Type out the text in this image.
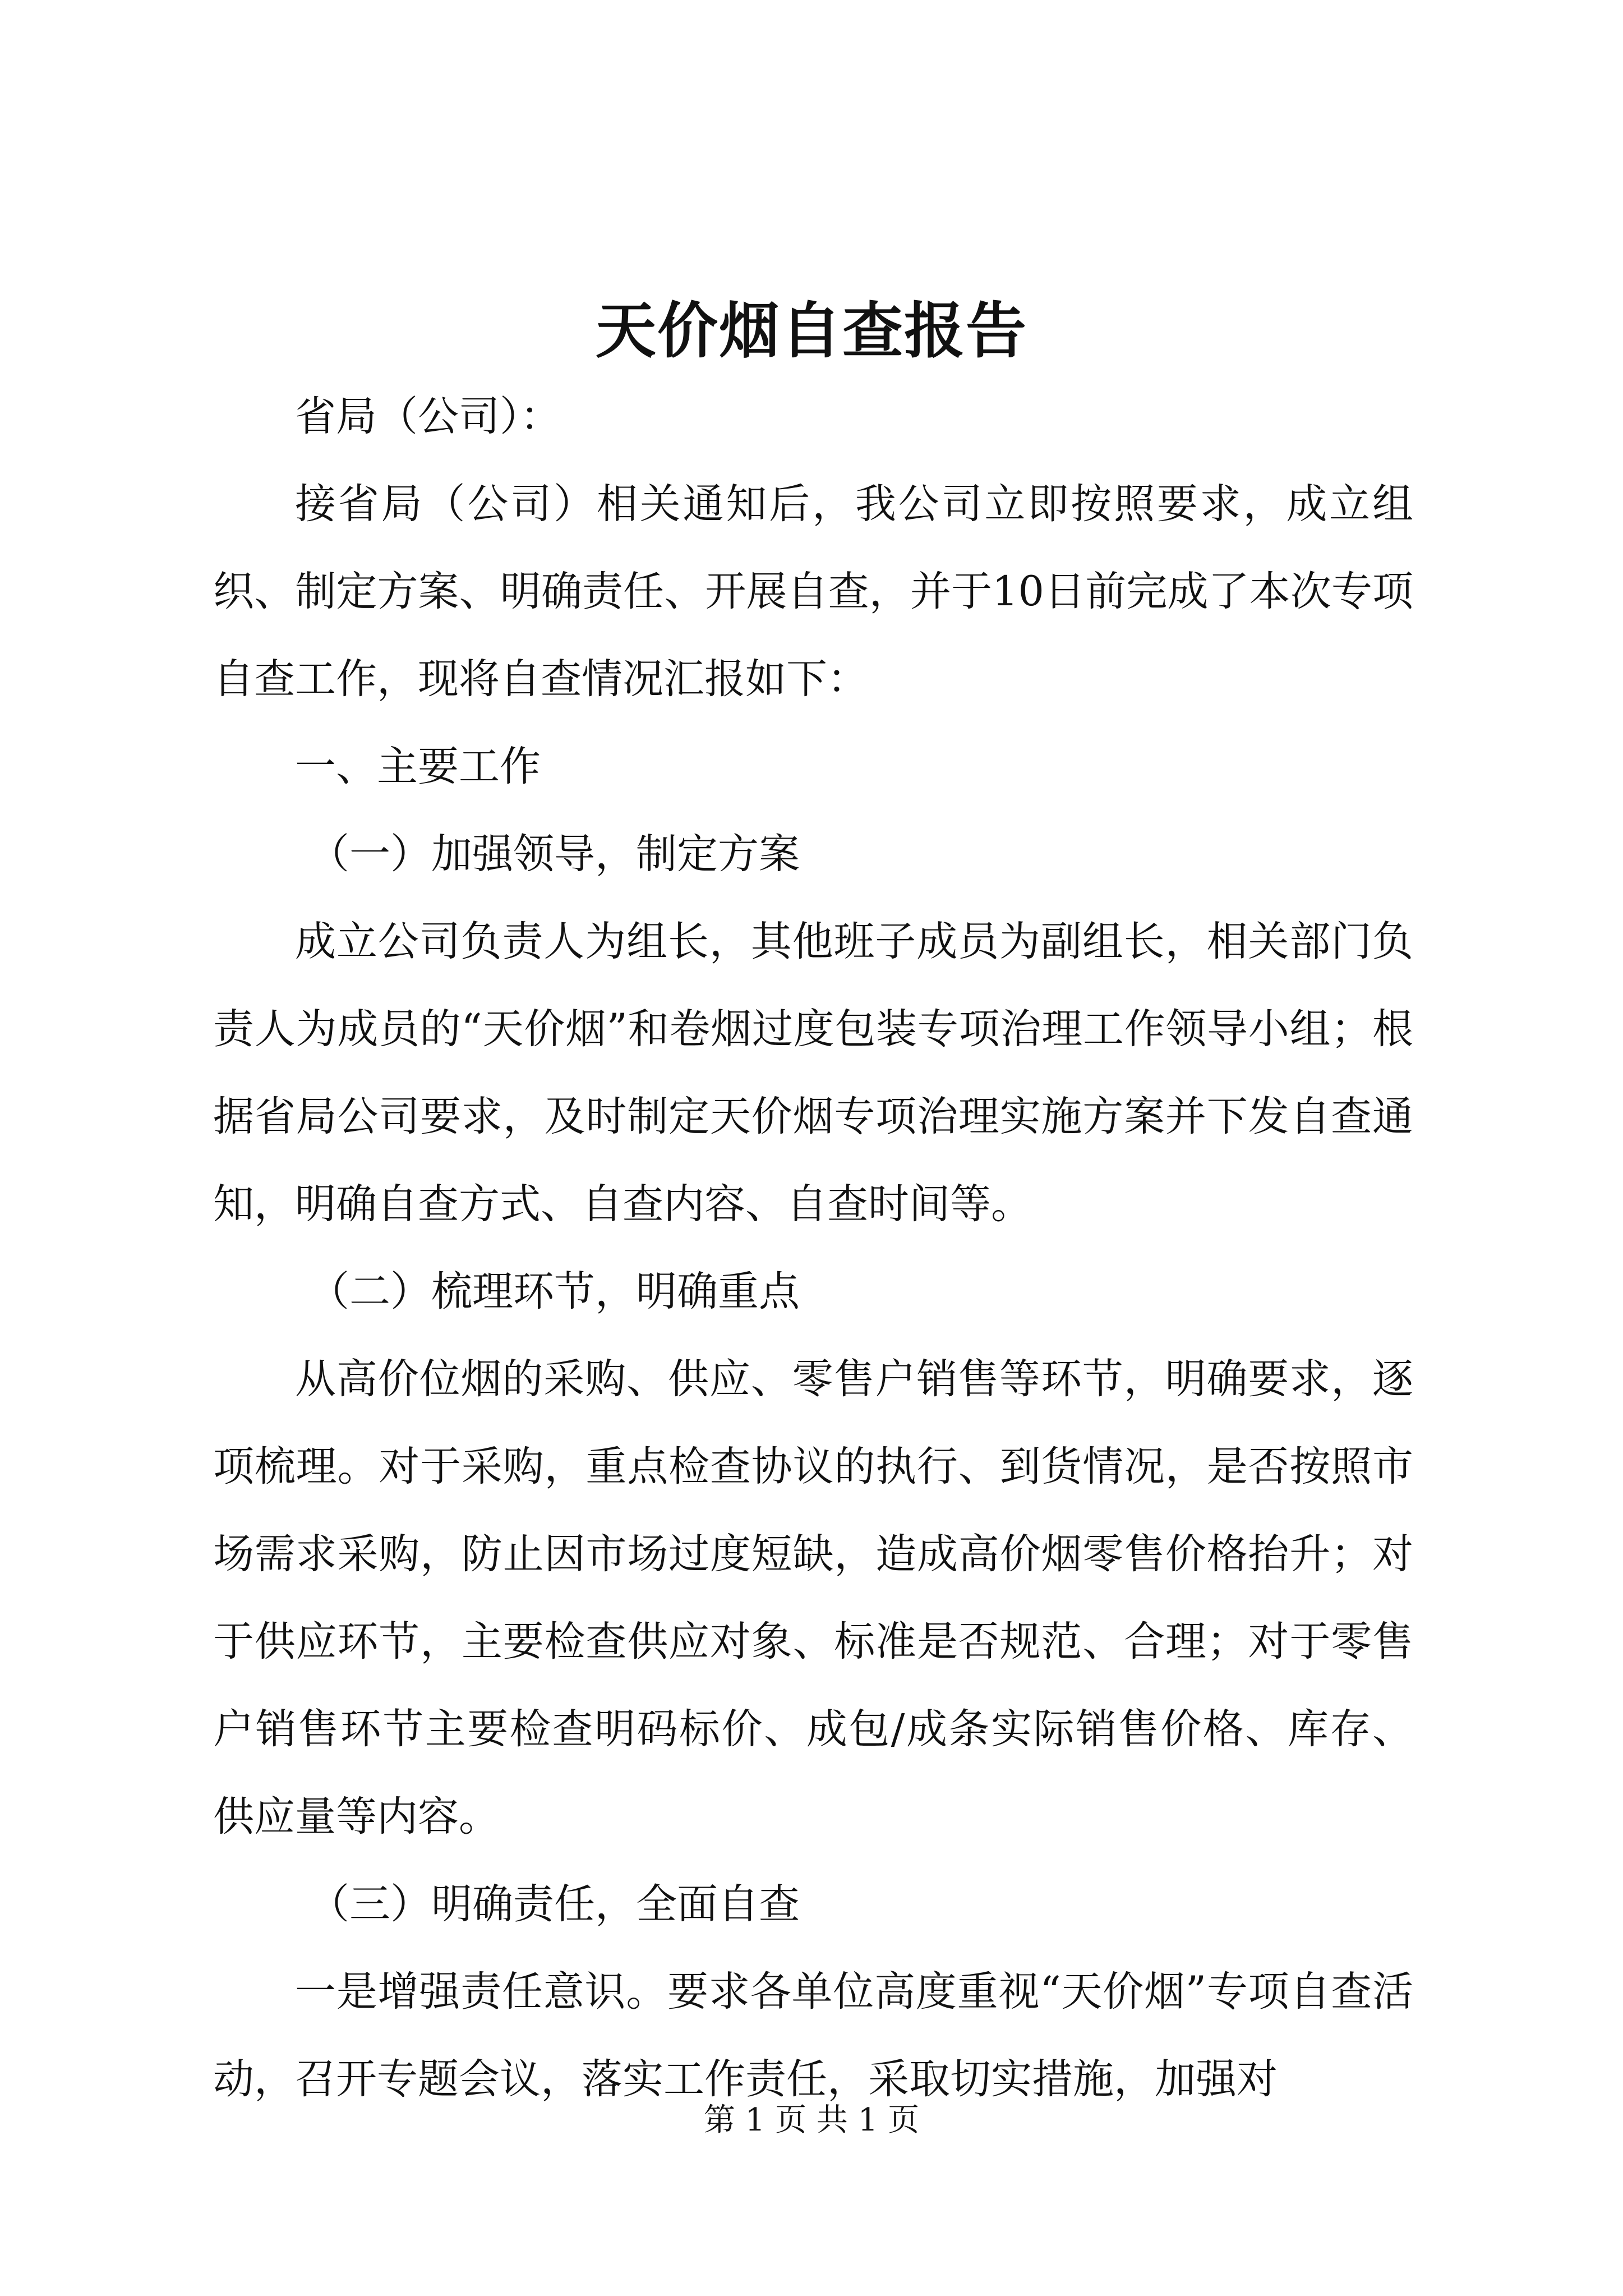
天价烟自查报告

省局（公司）：

接省局（公司）相关通知后，我公司立即按照要求，成立组织、制定方案、明确责任、开展自查，并于10日前完成了本次专项自查工作，现将自查情况汇报如下：

一、主要工作

（一）加强领导，制定方案

成立公司负责人为组长，其他班子成员为副组长，相关部门负责人为成员的“天价烟”和卷烟过度包装专项治理工作领导小组；根据省局公司要求，及时制定天价烟专项治理实施方案并下发自查通知，明确自查方式、自查内容、自查时间等。

（二）梳理环节，明确重点

从高价位烟的采购、供应、零售户销售等环节，明确要求，逐项梳理。对于采购，重点检查协议的执行、到货情况，是否按照市场需求采购，防止因市场过度短缺，造成高价烟零售价格抬升；对于供应环节，主要检查供应对象、标准是否规范、合理；对于零售户销售环节主要检查明码标价、成包/成条实际销售价格、库存、供应量等内容。

（三）明确责任，全面自查

一是增强责任意识。要求各单位高度重视“天价烟”专项自查活动，召开专题会议，落实工作责任，采取切实措施，加强对

第 1 页 共 1 页
